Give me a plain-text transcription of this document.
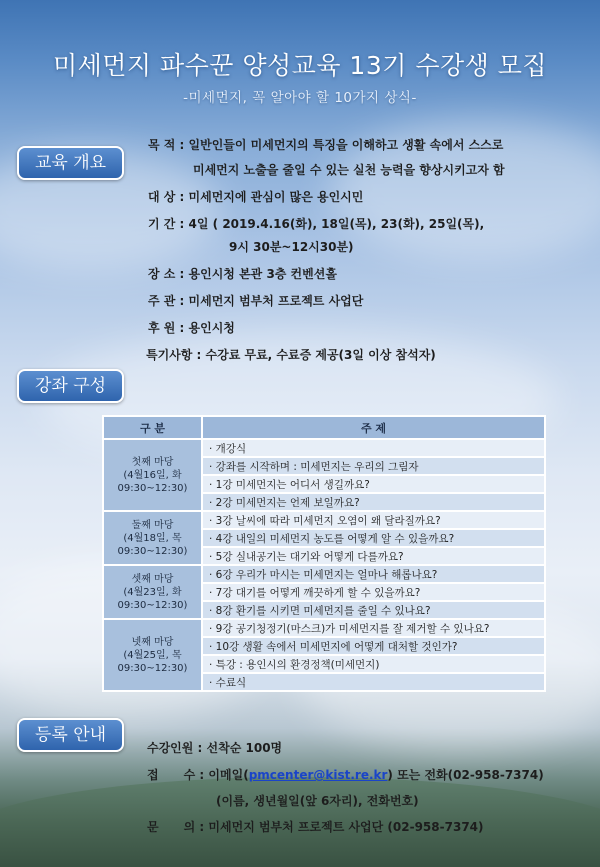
미세먼지 파수꾼 양성교육 13기 수강생 모집
-미세먼지, 꼭 알아야 할 10가지 상식-
교육 개요
목 적 : 일반인들이 미세먼지의 특징을 이해하고 생활 속에서 스스로
미세먼지 노출을 줄일 수 있는 실천 능력을 향상시키고자 함
대 상 : 미세먼지에 관심이 많은 용인시민
기 간 : 4일 ( 2019.4.16(화), 18일(목), 23(화), 25일(목),
9시 30분~12시30분)
장 소 : 용인시청 본관 3층 컨벤션홀
주 관 : 미세먼지 범부처 프로젝트 사업단
후 원 : 용인시청
특기사항 : 수강료 무료, 수료증 제공(3일 이상 참석자)
강좌 구성
구 분	주 제

첫째 마당
(4월16일, 화
09:30~12:30)	· 개강식
	· 강좌를 시작하며 : 미세먼지는 우리의 그림자
	· 1강 미세먼지는 어디서 생길까요?
	· 2강 미세먼지는 언제 보일까요?

둘째 마당
(4월18일, 목
09:30~12:30)	· 3강 날씨에 따라 미세먼지 오염이 왜 달라질까요?
	· 4강 내일의 미세먼지 농도를 어떻게 알 수 있을까요?
	· 5강 실내공기는 대기와 어떻게 다를까요?

셋째 마당
(4월23일, 화
09:30~12:30)	· 6강 우리가 마시는 미세먼지는 얼마나 해롭나요?
	· 7강 대기를 어떻게 깨끗하게 할 수 있을까요?
	· 8강 환기를 시키면 미세먼지를 줄일 수 있나요?

넷째 마당
(4월25일, 목
09:30~12:30)	· 9강 공기청정기(마스크)가 미세먼지를 잘 제거할 수 있나요?
	· 10강 생활 속에서 미세먼지에 어떻게 대처할 것인가?
	· 특강 : 용인시의 환경정책(미세먼지)
	· 수료식
등록 안내
수강인원 : 선착순 100명
접      수 : 이메일(pmcenter@kist.re.kr) 또는 전화(02-958-7374)
(이름, 생년월일(앞 6자리), 전화번호)
문      의 : 미세먼지 범부처 프로젝트 사업단 (02-958-7374)
